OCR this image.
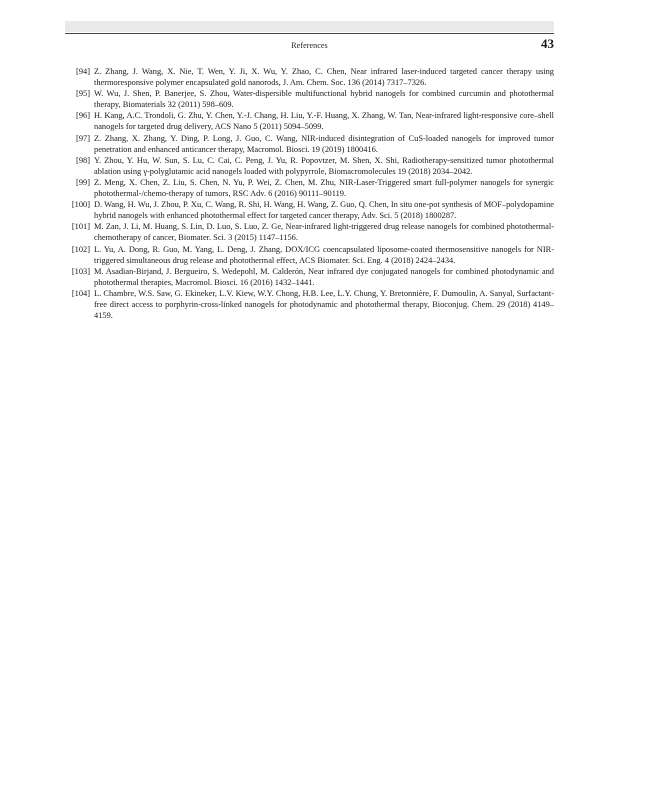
References	43
[94] Z. Zhang, J. Wang, X. Nie, T. Wen, Y. Ji, X. Wu, Y. Zhao, C. Chen, Near infrared laser-induced targeted cancer therapy using thermoresponsive polymer encapsulated gold nanorods, J. Am. Chem. Soc. 136 (2014) 7317–7326.
[95] W. Wu, J. Shen, P. Banerjee, S. Zhou, Water-dispersible multifunctional hybrid nanogels for combined curcumin and photothermal therapy, Biomaterials 32 (2011) 598–609.
[96] H. Kang, A.C. Trondoli, G. Zhu, Y. Chen, Y.-J. Chang, H. Liu, Y.-F. Huang, X. Zhang, W. Tan, Near-infrared light-responsive core–shell nanogels for targeted drug delivery, ACS Nano 5 (2011) 5094–5099.
[97] Z. Zhang, X. Zhang, Y. Ding, P. Long, J. Guo, C. Wang, NIR-induced disintegration of CuS-loaded nanogels for improved tumor penetration and enhanced anticancer therapy, Macromol. Biosci. 19 (2019) 1800416.
[98] Y. Zhou, Y. Hu, W. Sun, S. Lu, C. Cai, C. Peng, J. Yu, R. Popovtzer, M. Shen, X. Shi, Radiotherapy-sensitized tumor photothermal ablation using γ-polyglutamic acid nanogels loaded with polypyrrole, Biomacromolecules 19 (2018) 2034–2042.
[99] Z. Meng, X. Chen, Z. Liu, S. Chen, N. Yu, P. Wei, Z. Chen, M. Zhu, NIR-Laser-Triggered smart full-polymer nanogels for synergic photothermal-/chemo-therapy of tumors, RSC Adv. 6 (2016) 90111–90119.
[100] D. Wang, H. Wu, J. Zhou, P. Xu, C. Wang, R. Shi, H. Wang, H. Wang, Z. Guo, Q. Chen, In situ one-pot synthesis of MOF–polydopamine hybrid nanogels with enhanced photothermal effect for targeted cancer therapy, Adv. Sci. 5 (2018) 1800287.
[101] M. Zan, J. Li, M. Huang, S. Lin, D. Luo, S. Luo, Z. Ge, Near-infrared light-triggered drug release nanogels for combined photothermal-chemotherapy of cancer, Biomater. Sci. 3 (2015) 1147–1156.
[102] L. Yu, A. Dong, R. Guo, M. Yang, L. Deng, J. Zhang, DOX/ICG coencapsulated liposome-coated thermosensitive nanogels for NIR-triggered simultaneous drug release and photothermal effect, ACS Biomater. Sci. Eng. 4 (2018) 2424–2434.
[103] M. Asadian-Birjand, J. Bergueiro, S. Wedepohl, M. Calderón, Near infrared dye conjugated nanogels for combined photodynamic and photothermal therapies, Macromol. Biosci. 16 (2016) 1432–1441.
[104] L. Chambre, W.S. Saw, G. Ekineker, L.V. Kiew, W.Y. Chong, H.B. Lee, L.Y. Chung, Y. Bretonnière, F. Dumoulin, A. Sanyal, Surfactant-free direct access to porphyrin-cross-linked nanogels for photodynamic and photothermal therapy, Bioconjug. Chem. 29 (2018) 4149–4159.
